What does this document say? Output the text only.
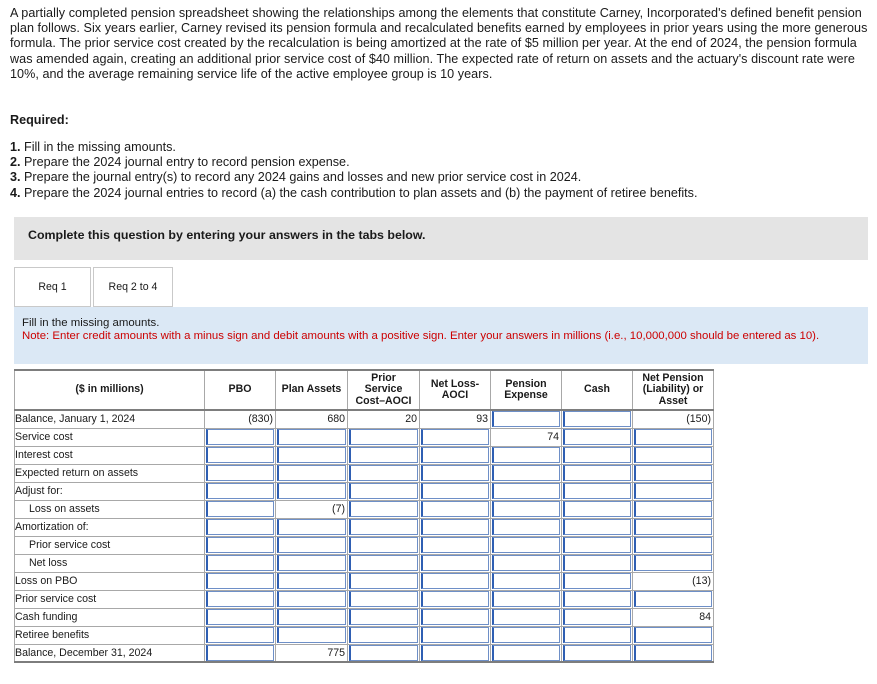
A partially completed pension spreadsheet showing the relationships among the elements that constitute Carney, Incorporated's defined benefit pension plan follows. Six years earlier, Carney revised its pension formula and recalculated benefits earned by employees in prior years using the more generous formula. The prior service cost created by the recalculation is being amortized at the rate of $5 million per year. At the end of 2024, the pension formula was amended again, creating an additional prior service cost of $40 million. The expected rate of return on assets and the actuary's discount rate were 10%, and the average remaining service life of the active employee group is 10 years.

Required:

1. Fill in the missing amounts.
2. Prepare the 2024 journal entry to record pension expense.
3. Prepare the journal entry(s) to record any 2024 gains and losses and new prior service cost in 2024.
4. Prepare the 2024 journal entries to record (a) the cash contribution to plan assets and (b) the payment of retiree benefits.
Complete this question by entering your answers in the tabs below.
Req 1	Req 2 to 4
Fill in the missing amounts.
Note: Enter credit amounts with a minus sign and debit amounts with a positive sign. Enter your answers in millions (i.e., 10,000,000 should be entered as 10).
($ in millions)	PBO	Plan Assets	Prior
Service
Cost–AOCI	Net Loss-
AOCI	Pension
Expense	Cash	Net Pension
(Liability) or
Asset
Balance, January 1, 2024	(830)	680	20	93			(150)
Service cost					74	

Interest cost	

Expected return on assets	

Adjust for:	

Loss on assets		(7)	

Amortization of:	

Prior service cost	

Net loss	

Loss on PBO							(13)
Prior service cost	

Cash funding							84
Retiree benefits	

Balance, December 31, 2024		775	
